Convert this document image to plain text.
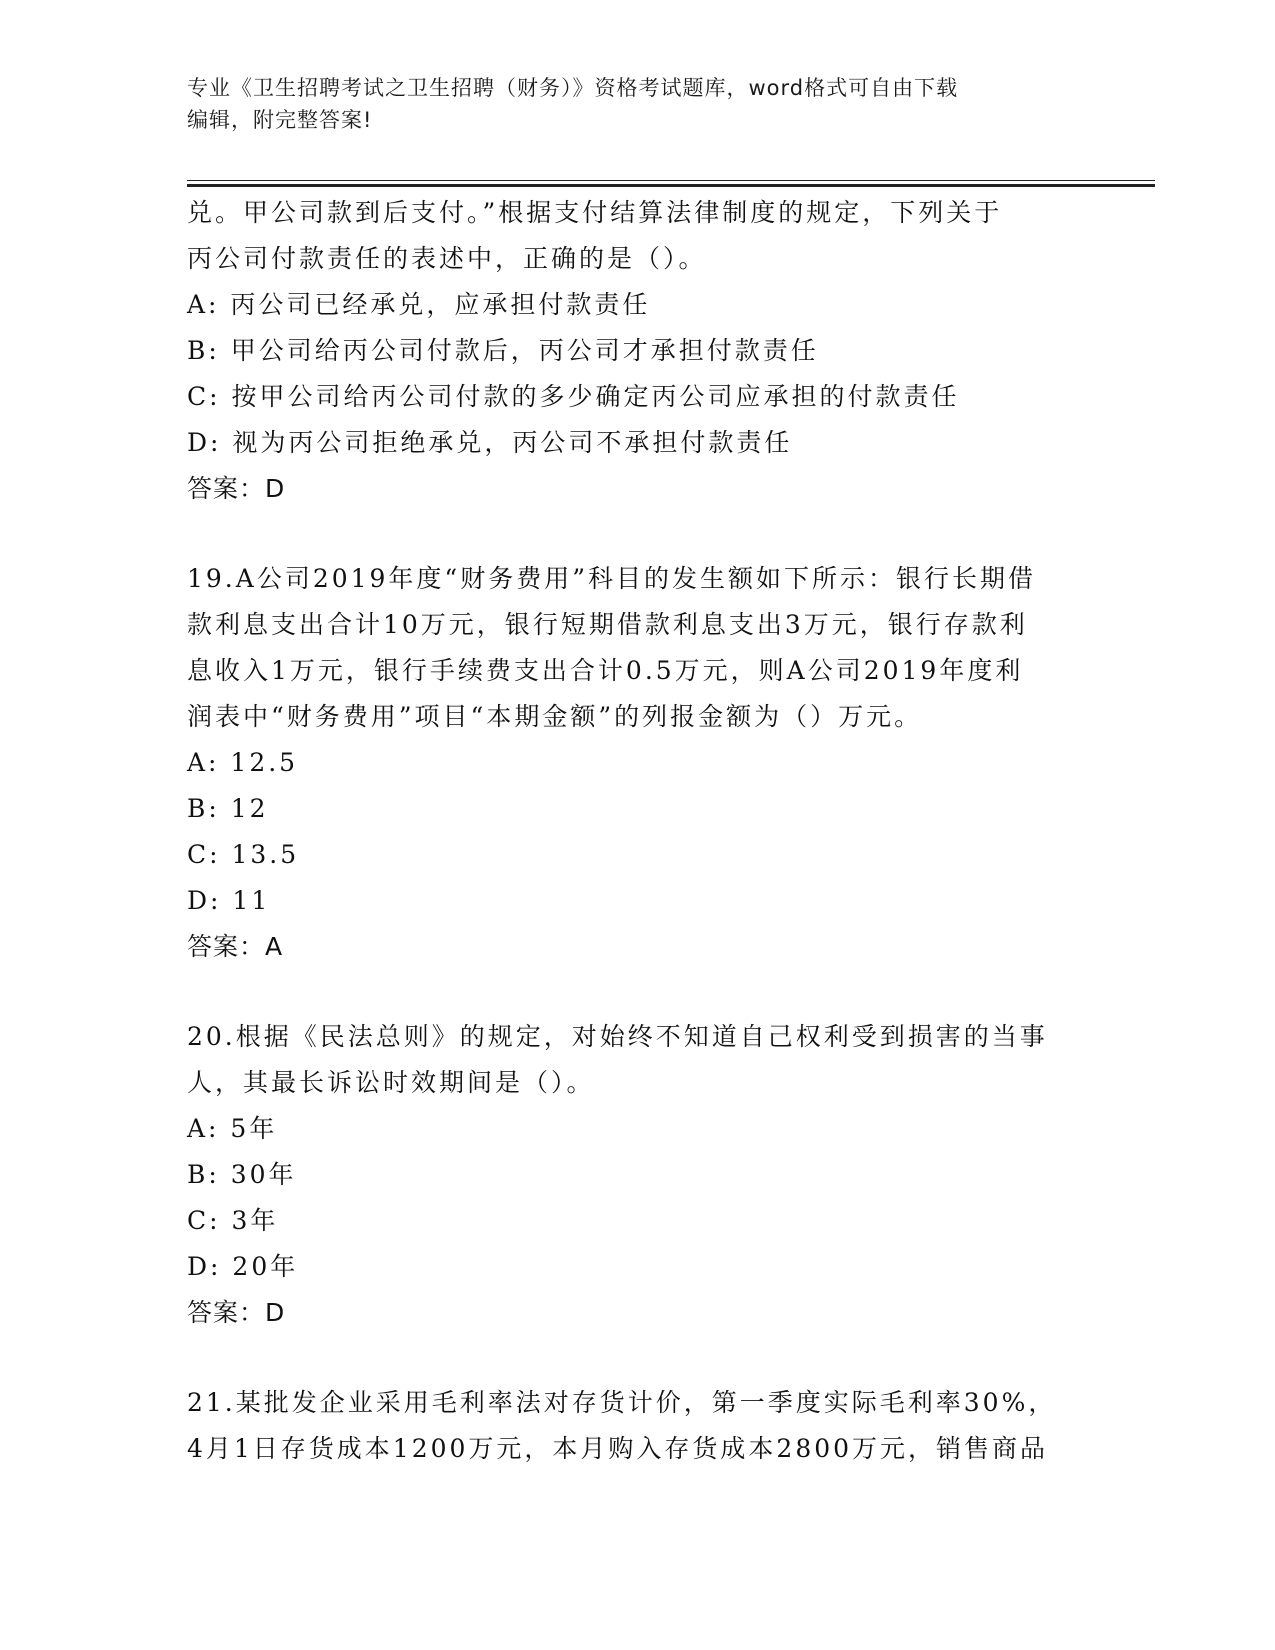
专业《卫生招聘考试之卫生招聘（财务）》资格考试题库，word格式可自由下载
编辑，附完整答案!
兑。甲公司款到后支付。”根据支付结算法律制度的规定，下列关于
丙公司付款责任的表述中，正确的是（）。
A: 丙公司已经承兑，应承担付款责任
B: 甲公司给丙公司付款后，丙公司才承担付款责任
C: 按甲公司给丙公司付款的多少确定丙公司应承担的付款责任
D: 视为丙公司拒绝承兑，丙公司不承担付款责任
答案：D
19.A公司2019年度“财务费用”科目的发生额如下所示：银行长期借
款利息支出合计10万元，银行短期借款利息支出3万元，银行存款利
息收入1万元，银行手续费支出合计0.5万元，则A公司2019年度利
润表中“财务费用”项目“本期金额”的列报金额为（）万元。
A: 12.5
B: 12
C: 13.5
D: 11
答案：A
20.根据《民法总则》的规定，对始终不知道自己权利受到损害的当事
人，其最长诉讼时效期间是（）。
A: 5年
B: 30年
C: 3年
D: 20年
答案：D
21.某批发企业采用毛利率法对存货计价，第一季度实际毛利率30%，
4月1日存货成本1200万元，本月购入存货成本2800万元，销售商品
